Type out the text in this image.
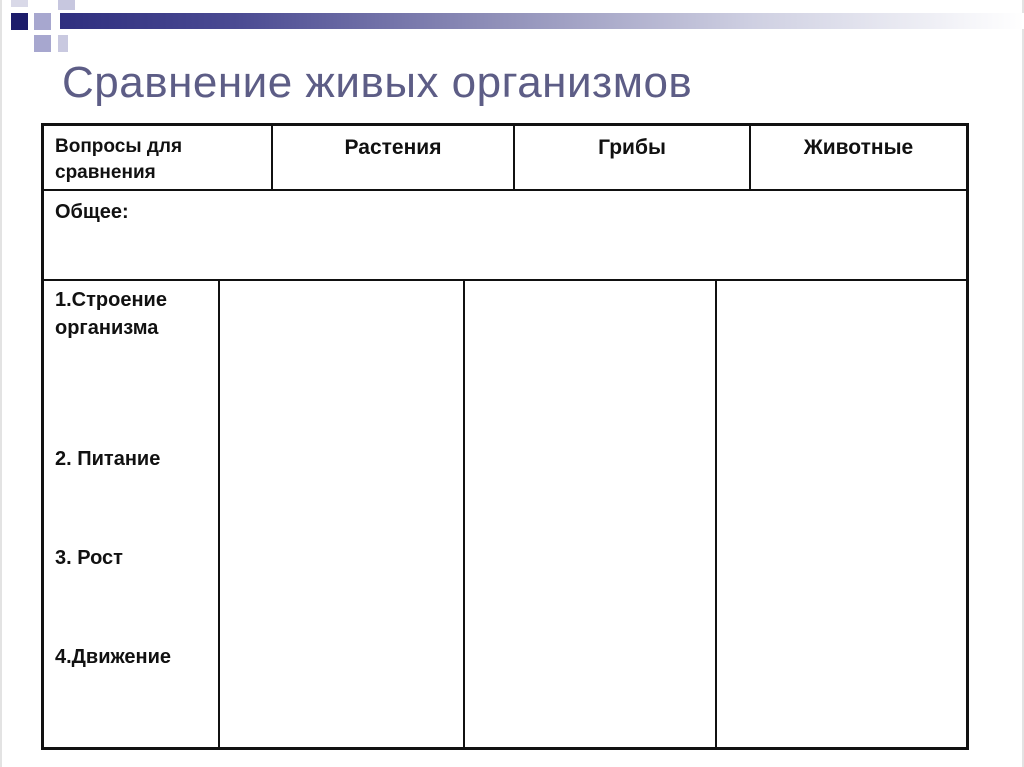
Сравнение живых организмов
Вопросы для сравнения
Растения	Грибы	Животные
Общее:
1.Строение организма
2. Питание
3. Рост
4.Движение
